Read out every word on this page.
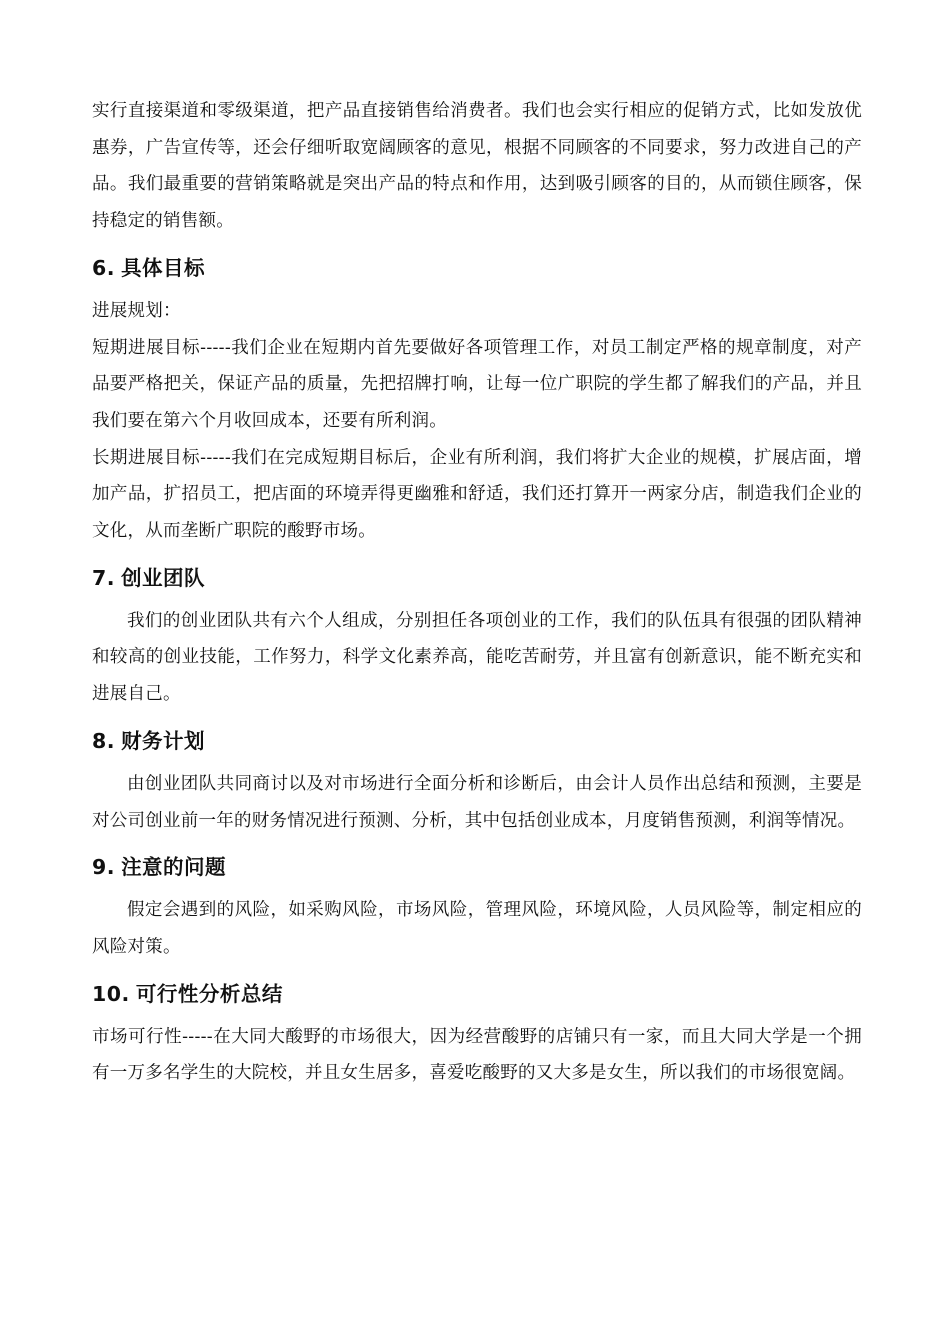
实行直接渠道和零级渠道，把产品直接销售给消费者。我们也会实行相应的促销方式，比如发放优惠券，广告宣传等，还会仔细听取宽阔顾客的意见，根据不同顾客的不同要求，努力改进自己的产品。我们最重要的营销策略就是突出产品的特点和作用，达到吸引顾客的目的，从而锁住顾客，保持稳定的销售额。

6. 具体目标

进展规划：

短期进展目标-----我们企业在短期内首先要做好各项管理工作，对员工制定严格的规章制度，对产品要严格把关，保证产品的质量，先把招牌打响，让每一位广职院的学生都了解我们的产品，并且我们要在第六个月收回成本，还要有所利润。

长期进展目标-----我们在完成短期目标后，企业有所利润，我们将扩大企业的规模，扩展店面，增加产品，扩招员工，把店面的环境弄得更幽雅和舒适，我们还打算开一两家分店，制造我们企业的文化，从而垄断广职院的酸野市场。

7. 创业团队

我们的创业团队共有六个人组成，分别担任各项创业的工作，我们的队伍具有很强的团队精神和较高的创业技能，工作努力，科学文化素养高，能吃苦耐劳，并且富有创新意识，能不断充实和进展自己。

8. 财务计划

由创业团队共同商讨以及对市场进行全面分析和诊断后，由会计人员作出总结和预测，主要是对公司创业前一年的财务情况进行预测、分析，其中包括创业成本，月度销售预测，利润等情况。

9. 注意的问题

假定会遇到的风险，如采购风险，市场风险，管理风险，环境风险，人员风险等，制定相应的风险对策。

10. 可行性分析总结

市场可行性-----在大同大酸野的市场很大，因为经营酸野的店铺只有一家，而且大同大学是一个拥有一万多名学生的大院校，并且女生居多，喜爱吃酸野的又大多是女生，所以我们的市场很宽阔。
